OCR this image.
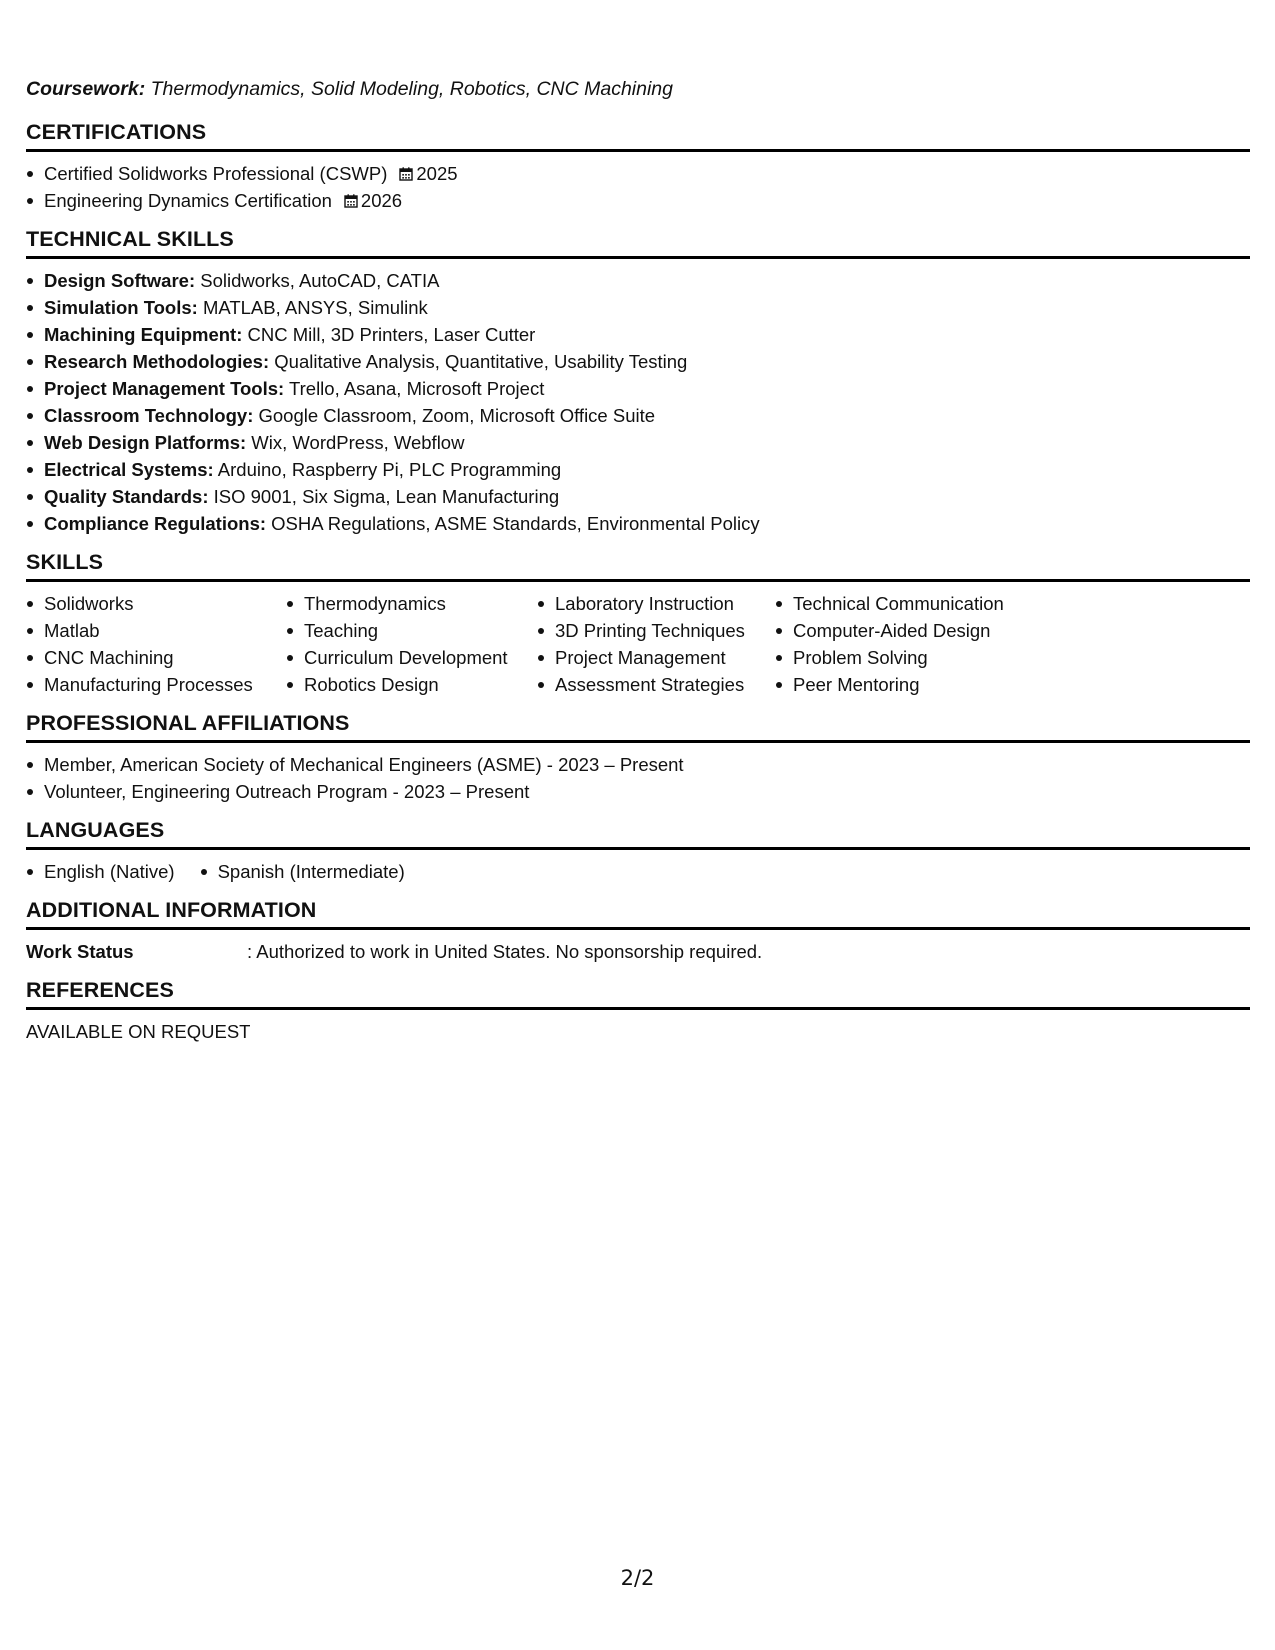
Coursework: Thermodynamics, Solid Modeling, Robotics, CNC Machining

CERTIFICATIONS
Certified Solidworks Professional (CSWP) 2025
Engineering Dynamics Certification 2026
TECHNICAL SKILLS
Design Software: Solidworks, AutoCAD, CATIA
Simulation Tools: MATLAB, ANSYS, Simulink
Machining Equipment: CNC Mill, 3D Printers, Laser Cutter
Research Methodologies: Qualitative Analysis, Quantitative, Usability Testing
Project Management Tools: Trello, Asana, Microsoft Project
Classroom Technology: Google Classroom, Zoom, Microsoft Office Suite
Web Design Platforms: Wix, WordPress, Webflow
Electrical Systems: Arduino, Raspberry Pi, PLC Programming
Quality Standards: ISO 9001, Six Sigma, Lean Manufacturing
Compliance Regulations: OSHA Regulations, ASME Standards, Environmental Policy
SKILLS
Solidworks
Matlab
CNC Machining
Manufacturing Processes
Thermodynamics
Teaching
Curriculum Development
Robotics Design
Laboratory Instruction
3D Printing Techniques
Project Management
Assessment Strategies
Technical Communication
Computer-Aided Design
Problem Solving
Peer Mentoring
PROFESSIONAL AFFILIATIONS
Member, American Society of Mechanical Engineers (ASME) - 2023 – Present
Volunteer, Engineering Outreach Program - 2023 – Present
LANGUAGES
English (Native)	Spanish (Intermediate)
ADDITIONAL INFORMATION
Work Status	: Authorized to work in United States. No sponsorship required.
REFERENCES
AVAILABLE ON REQUEST
2/2
